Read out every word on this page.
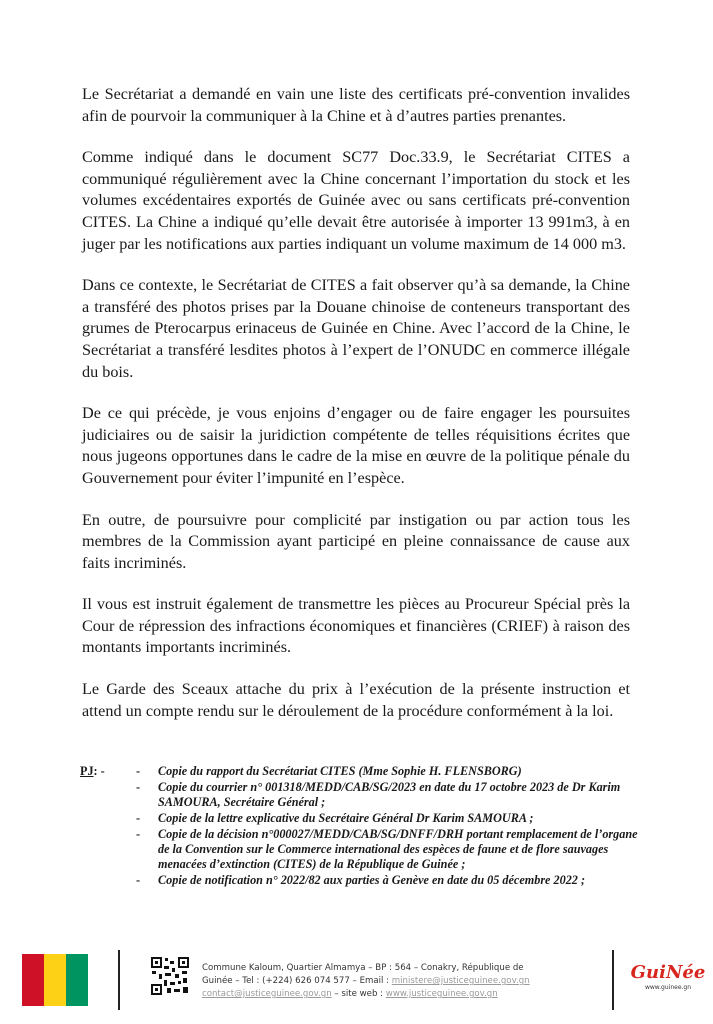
Le Secrétariat a demandé en vain une liste des certificats pré-convention invalides afin de pourvoir la communiquer à la Chine et à d’autres parties prenantes.

Comme indiqué dans le document SC77 Doc.33.9, le Secrétariat CITES a communiqué régulièrement avec la Chine concernant l’importation du stock et les volumes excédentaires exportés de Guinée avec ou sans certificats pré-convention CITES. La Chine a indiqué qu’elle devait être autorisée à importer 13 991m3, à en juger par les notifications aux parties indiquant un volume maximum de 14 000 m3.

Dans ce contexte, le Secrétariat de CITES a fait observer qu’à sa demande, la Chine a transféré des photos prises par la Douane chinoise de conteneurs transportant des grumes de Pterocarpus erinaceus de Guinée en Chine. Avec l’accord de la Chine, le Secrétariat a transféré lesdites photos à l’expert de l’ONUDC en commerce illégale du bois.

De ce qui précède, je vous enjoins d’engager ou de faire engager les poursuites judiciaires ou de saisir la juridiction compétente de telles réquisitions écrites que nous jugeons opportunes dans le cadre de la mise en œuvre de la politique pénale du Gouvernement pour éviter l’impunité en l’espèce.

En outre, de poursuivre pour complicité par instigation ou par action tous les membres de la Commission ayant participé en pleine connaissance de cause aux faits incriminés.

Il vous est instruit également de transmettre les pièces au Procureur Spécial près la Cour de répression des infractions économiques et financières (CRIEF) à raison des montants importants incriminés.

Le Garde des Sceaux attache du prix à l’exécution de la présente instruction et attend un compte rendu sur le déroulement de la procédure conformément à la loi.

PJ : -
-	Copie du rapport du Secrétariat CITES (Mme Sophie H. FLENSBORG)
- Copie du courrier n° 001318/MEDD/CAB/SG/2023 en date du 17 octobre 2023 de Dr Karim SAMOURA, Secrétaire Général ;
- Copie de la lettre explicative du Secrétaire Général Dr Karim SAMOURA ;
- Copie de la décision n°000027/MEDD/CAB/SG/DNFF/DRH portant remplacement de l’organe de la Convention sur le Commerce international des espèces de faune et de flore sauvages menacées d’extinction (CITES) de la République de Guinée ;
- Copie de notification n° 2022/82 aux parties à Genève en date du 05 décembre 2022 ;
Commune Kaloum, Quartier Almamya – BP : 564 – Conakry, République de
Guinée – Tel : (+224) 626 074 577 – Email : ministere@justiceguinee.gov.gn
contact@justiceguinee.gov.gn – site web : www.justiceguinee.gov.gn
GuiNée
www.guinee.gn
